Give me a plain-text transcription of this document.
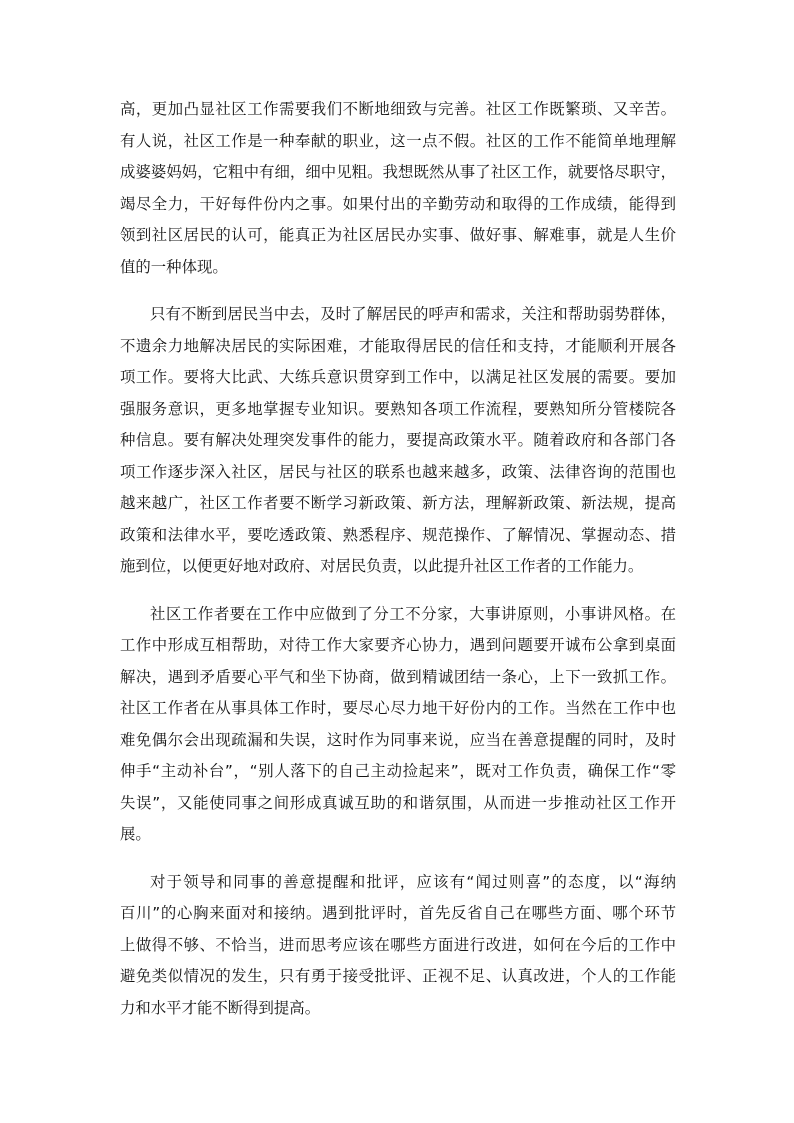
高，更加凸显社区工作需要我们不断地细致与完善。社区工作既繁琐、又辛苦。
有人说，社区工作是一种奉献的职业，这一点不假。社区的工作不能简单地理解
成婆婆妈妈，它粗中有细，细中见粗。我想既然从事了社区工作，就要恪尽职守，
竭尽全力，干好每件份内之事。如果付出的辛勤劳动和取得的工作成绩，能得到
领到社区居民的认可，能真正为社区居民办实事、做好事、解难事，就是人生价
值的一种体现。
只有不断到居民当中去，及时了解居民的呼声和需求，关注和帮助弱势群体，
不遗余力地解决居民的实际困难，才能取得居民的信任和支持，才能顺利开展各
项工作。要将大比武、大练兵意识贯穿到工作中，以满足社区发展的需要。要加
强服务意识，更多地掌握专业知识。要熟知各项工作流程，要熟知所分管楼院各
种信息。要有解决处理突发事件的能力，要提高政策水平。随着政府和各部门各
项工作逐步深入社区，居民与社区的联系也越来越多，政策、法律咨询的范围也
越来越广，社区工作者要不断学习新政策、新方法，理解新政策、新法规，提高
政策和法律水平，要吃透政策、熟悉程序、规范操作、了解情况、掌握动态、措
施到位，以便更好地对政府、对居民负责，以此提升社区工作者的工作能力。
社区工作者要在工作中应做到了分工不分家，大事讲原则，小事讲风格。在
工作中形成互相帮助，对待工作大家要齐心协力，遇到问题要开诚布公拿到桌面
解决，遇到矛盾要心平气和坐下协商，做到精诚团结一条心，上下一致抓工作。
社区工作者在从事具体工作时，要尽心尽力地干好份内的工作。当然在工作中也
难免偶尔会出现疏漏和失误，这时作为同事来说，应当在善意提醒的同时，及时
伸手“主动补台”，“别人落下的自己主动捡起来”，既对工作负责，确保工作“零
失误”，又能使同事之间形成真诚互助的和谐氛围，从而进一步推动社区工作开
展。
对于领导和同事的善意提醒和批评，应该有“闻过则喜”的态度，以“海纳
百川”的心胸来面对和接纳。遇到批评时，首先反省自己在哪些方面、哪个环节
上做得不够、不恰当，进而思考应该在哪些方面进行改进，如何在今后的工作中
避免类似情况的发生，只有勇于接受批评、正视不足、认真改进，个人的工作能
力和水平才能不断得到提高。
